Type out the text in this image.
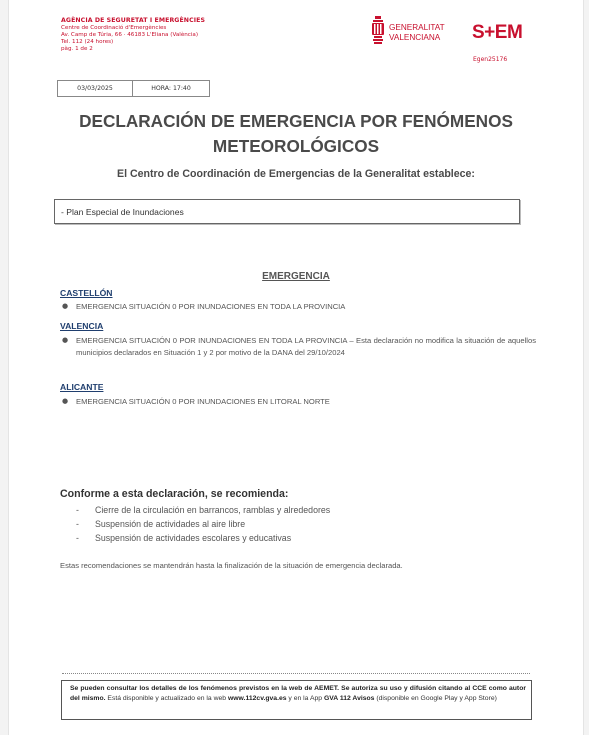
AGÈNCIA DE SEGURETAT I EMERGÈNCIES
Centre de Coordinació d'Emergències
Av. Camp de Túria, 66 · 46183 L'Eliana (València)
Tel. 112 (24 hores)
pàg. 1 de 2
GENERALITAT
VALENCIANA S+EM
Egen25176
03/03/2025	HORA: 17:40
DECLARACIÓN DE EMERGENCIA POR FENÓMENOS
METEOROLÓGICOS
El Centro de Coordinación de Emergencias de la Generalitat establece:
- Plan Especial de Inundaciones
EMERGENCIA
CASTELLÓN
● EMERGENCIA SITUACIÓN 0 POR INUNDACIONES EN TODA LA PROVINCIA
VALENCIA
● EMERGENCIA SITUACIÓN 0 POR INUNDACIONES EN TODA LA PROVINCIA – Esta declaración no modifica la situación de aquellos municipios declarados en Situación 1 y 2 por motivo de la DANA del 29/10/2024
ALICANTE
● EMERGENCIA SITUACIÓN 0 POR INUNDACIONES EN LITORAL NORTE
Conforme a esta declaración, se recomienda:
- Cierre de la circulación en barrancos, ramblas y alrededores
- Suspensión de actividades al aire libre
- Suspensión de actividades escolares y educativas
Estas recomendaciones se mantendrán hasta la finalización de la situación de emergencia declarada.
Se pueden consultar los detalles de los fenómenos previstos en la web de AEMET. Se autoriza su uso y difusión citando al CCE como autor del mismo. Está disponible y actualizado en la web www.112cv.gva.es y en la App GVA 112 Avisos (disponible en Google Play y App Store)
